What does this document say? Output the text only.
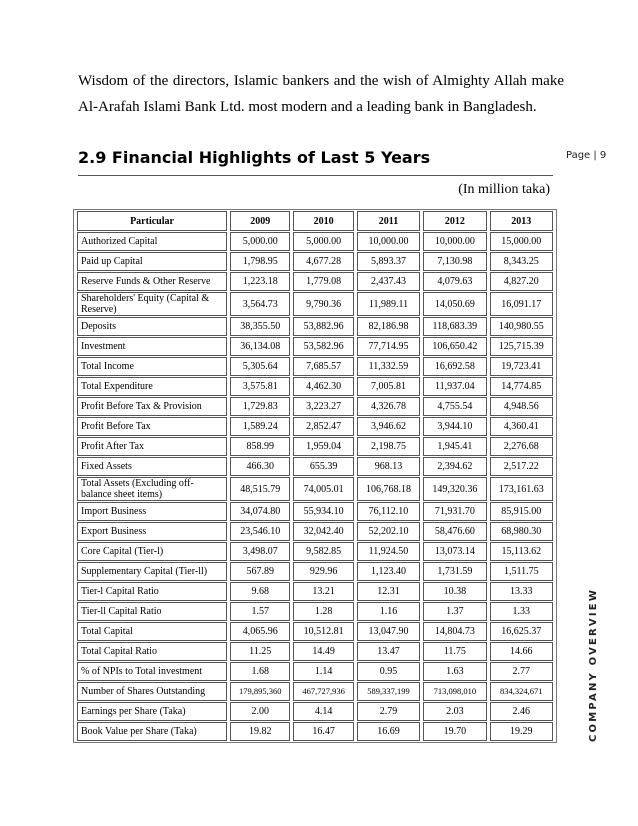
Wisdom of the directors, Islamic bankers and the wish of Almighty Allah make Al-Arafah Islami Bank Ltd. most modern and a leading bank in Bangladesh.
2.9 Financial Highlights of Last 5 Years	Page | 9
(In million taka)
Particular	2009	2010	2011	2012	2013
Authorized Capital	5,000.00	5,000.00	10,000.00	10,000.00	15,000.00
Paid up Capital	1,798.95	4,677.28	5,893.37	7,130.98	8,343.25
Reserve Funds & Other Reserve	1,223.18	1,779.08	2,437.43	4,079.63	4,827.20
Shareholders' Equity (Capital & Reserve)	3,564.73	9,790.36	11,989.11	14,050.69	16,091.17
Deposits	38,355.50	53,882.96	82,186.98	118,683.39	140,980.55
Investment	36,134.08	53,582.96	77,714.95	106,650.42	125,715.39
Total Income	5,305.64	7,685.57	11,332.59	16,692.58	19,723.41
Total Expenditure	3,575.81	4,462.30	7,005.81	11,937.04	14,774.85
Profit Before Tax & Provision	1,729.83	3,223.27	4,326.78	4,755.54	4,948.56
Profit Before Tax	1,589.24	2,852.47	3,946.62	3,944.10	4,360.41
Profit After Tax	858.99	1,959.04	2,198.75	1,945.41	2,276.68
Fixed Assets	466.30	655.39	968.13	2,394.62	2,517.22
Total Assets (Excluding off-balance sheet items)	48,515.79	74,005.01	106,768.18	149,320.36	173,161.63
Import Business	34,074.80	55,934.10	76,112.10	71,931.70	85,915.00
Export Business	23,546.10	32,042.40	52,202.10	58,476.60	68,980.30
Core Capital (Tier-l)	3,498.07	9,582.85	11,924.50	13,073.14	15,113.62
Supplementary Capital (Tier-ll)	567.89	929.96	1,123.40	1,731.59	1,511.75
Tier-l Capital Ratio	9.68	13.21	12.31	10.38	13.33
Tier-ll Capital Ratio	1.57	1.28	1.16	1.37	1.33
Total Capital	4,065.96	10,512.81	13,047.90	14,804.73	16,625.37
Total Capital Ratio	11.25	14.49	13.47	11.75	14.66
% of NPIs to Total investment	1.68	1.14	0.95	1.63	2.77
Number of Shares Outstanding	179,895,360	467,727,936	589,337,199	713,098,010	834,324,671
Earnings per Share (Taka)	2.00	4.14	2.79	2.03	2.46
Book Value per Share (Taka)	19.82	16.47	16.69	19.70	19.29	COMPANY OVERVIEW
